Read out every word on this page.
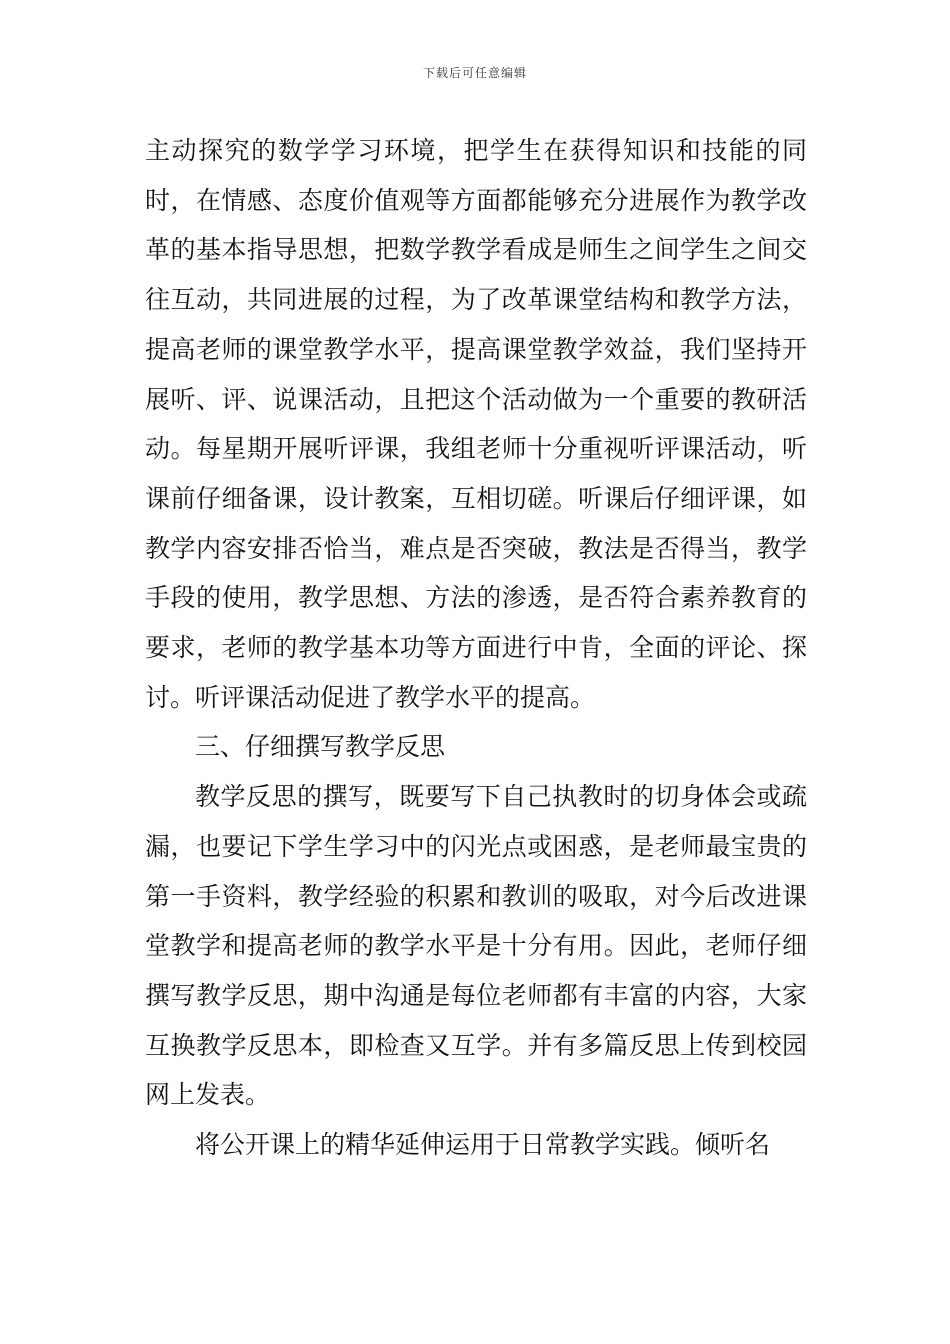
下载后可任意编辑

主动探究的数学学习环境，把学生在获得知识和技能的同时，在情感、态度价值观等方面都能够充分进展作为教学改革的基本指导思想，把数学教学看成是师生之间学生之间交往互动，共同进展的过程，为了改革课堂结构和教学方法，提高老师的课堂教学水平，提高课堂教学效益，我们坚持开展听、评、说课活动，且把这个活动做为一个重要的教研活动。每星期开展听评课，我组老师十分重视听评课活动，听课前仔细备课，设计教案，互相切磋。听课后仔细评课，如教学内容安排否恰当，难点是否突破，教法是否得当，教学手段的使用，教学思想、方法的渗透，是否符合素养教育的要求，老师的教学基本功等方面进行中肯，全面的评论、探讨。听评课活动促进了教学水平的提高。

三、仔细撰写教学反思

教学反思的撰写，既要写下自己执教时的切身体会或疏漏，也要记下学生学习中的闪光点或困惑，是老师最宝贵的第一手资料，教学经验的积累和教训的吸取，对今后改进课堂教学和提高老师的教学水平是十分有用。因此，老师仔细撰写教学反思，期中沟通是每位老师都有丰富的内容，大家互换教学反思本，即检查又互学。并有多篇反思上传到校园网上发表。

将公开课上的精华延伸运用于日常教学实践。倾听名
